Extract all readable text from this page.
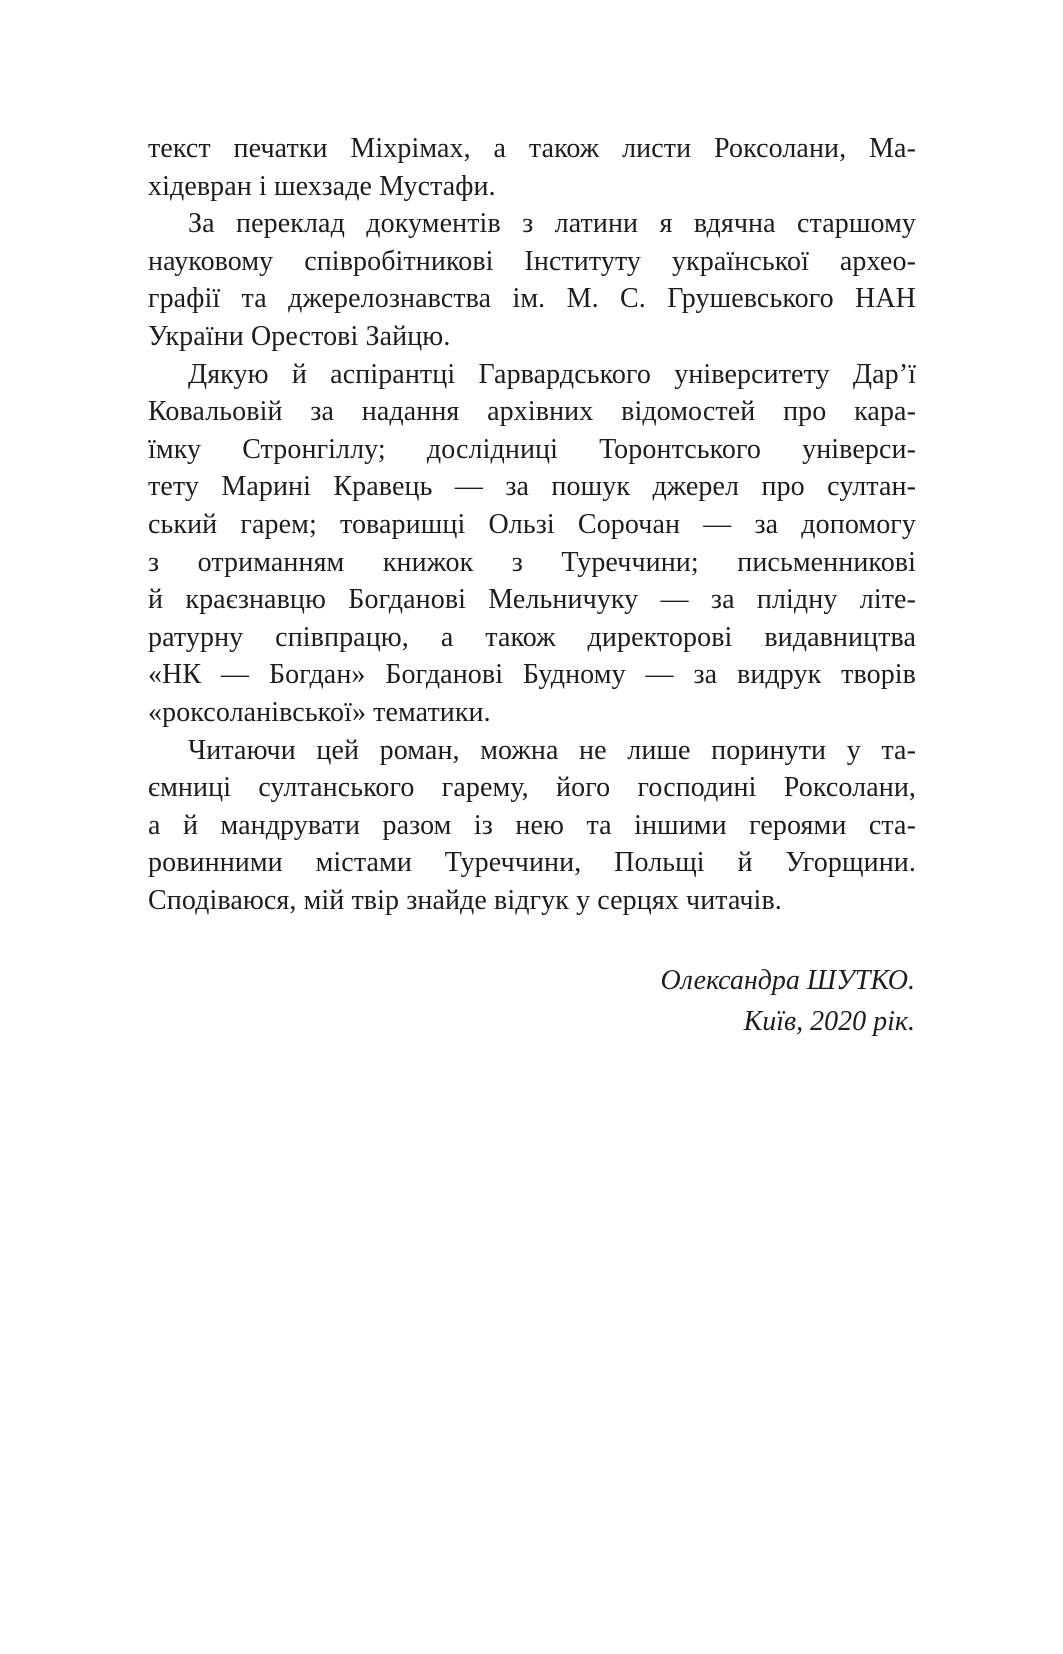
текст печатки Міхрімах, а також листи Роксолани, Ма-
хідевран і шехзаде Мустафи.
За переклад документів з латини я вдячна старшому
науковому співробітникові Інституту української архео-
графії та джерелознавства ім. М. С. Грушевського НАН
України Орестові Зайцю.
Дякую й аспірантці Гарвардського університету Дар’ї
Ковальовій за надання архівних відомостей про кара-
їмку Стронгіллу; дослідниці Торонтського універси-
тету Марині Кравець — за пошук джерел про султан-
ський гарем; товаришці Ользі Сорочан — за допомогу
з отриманням книжок з Туреччини; письменникові
й краєзнавцю Богданові Мельничуку — за плідну літе-
ратурну співпрацю, а також директорові видавництва
«НК — Богдан» Богданові Будному — за видрук творів
«роксоланівської» тематики.
Читаючи цей роман, можна не лише поринути у та-
ємниці султанського гарему, його господині Роксолани,
а й мандрувати разом із нею та іншими героями ста-
ровинними містами Туреччини, Польщі й Угорщини.
Сподіваюся, мій твір знайде відгук у серцях читачів.
Олександра ШУТКО.
Київ, 2020 рік.
